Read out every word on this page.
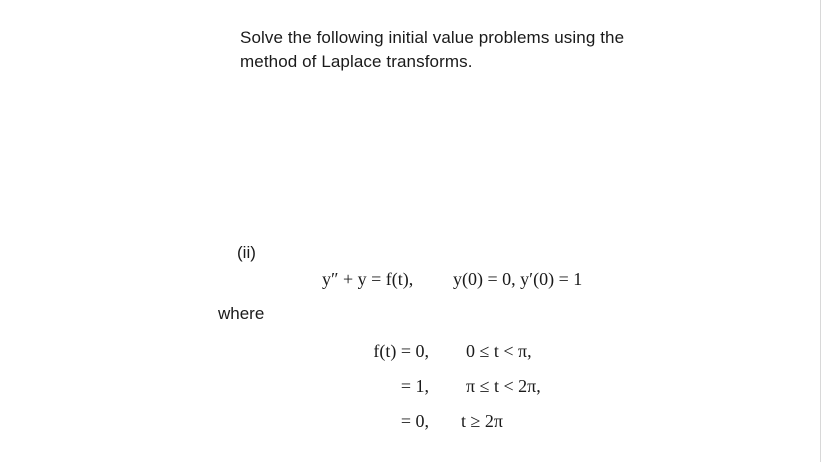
Solve the following initial value problems using the
method of Laplace transforms.
(ii)
y″ + y = f(t), y(0) = 0, y′(0) = 1
where
f(t) = 0, 0 ≤ t < π,
= 1, π ≤ t < 2π,
= 0, t ≥ 2π
